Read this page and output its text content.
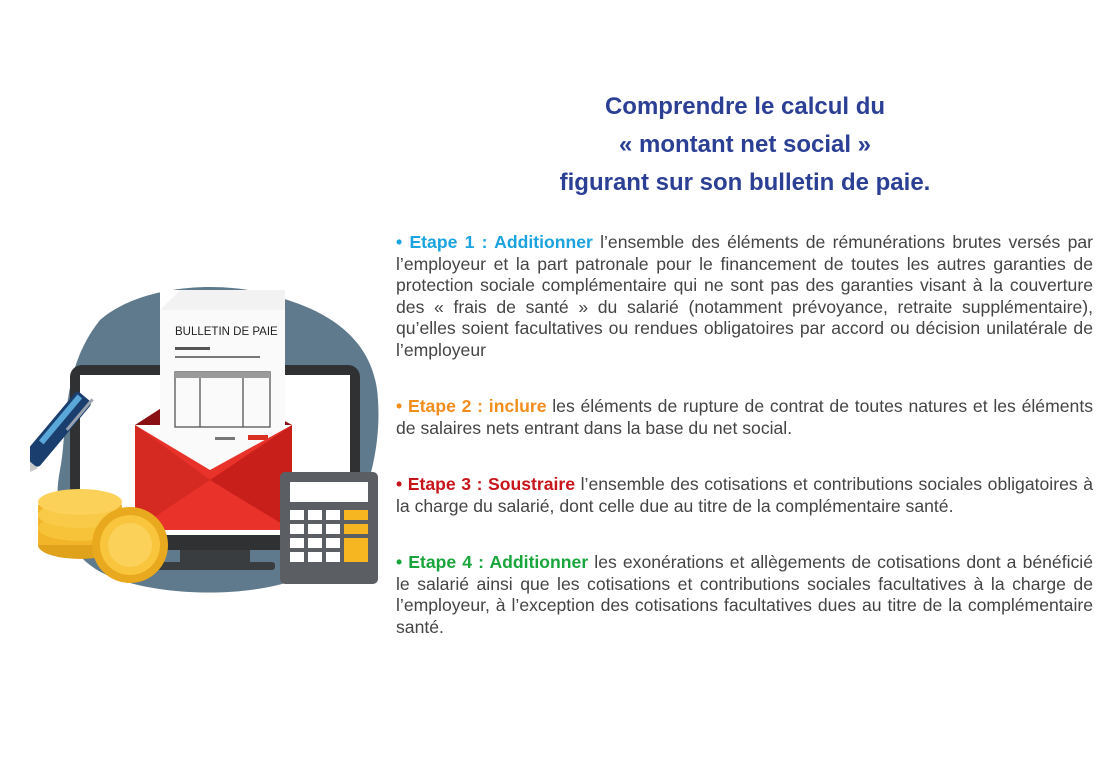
Comprendre le calcul du
« montant net social »
figurant sur son bulletin de paie.
BULLETIN DE PAIE

• Etape 1 : Additionner l’ensemble des éléments de rémunérations brutes versés par l’employeur et la part patronale pour le financement de toutes les autres garanties de protection sociale complémentaire qui ne sont pas des garanties visant à la couverture des « frais de santé » du salarié (notamment prévoyance, retraite supplémentaire), qu’elles soient facultatives ou rendues obligatoires par accord ou décision unilatérale de l’employeur

• Etape 2 : inclure les éléments de rupture de contrat de toutes natures et les éléments de salaires nets entrant dans la base du net social.

• Etape 3 : Soustraire l’ensemble des cotisations et contributions sociales obligatoires à la charge du salarié, dont celle due au titre de la complémentaire santé.

• Etape 4 : Additionner les exonérations et allègements de cotisations dont a bénéficié le salarié ainsi que les cotisations et contributions sociales facultatives à la charge de l’employeur, à l’exception des cotisations facultatives dues au titre de la complémentaire santé.
